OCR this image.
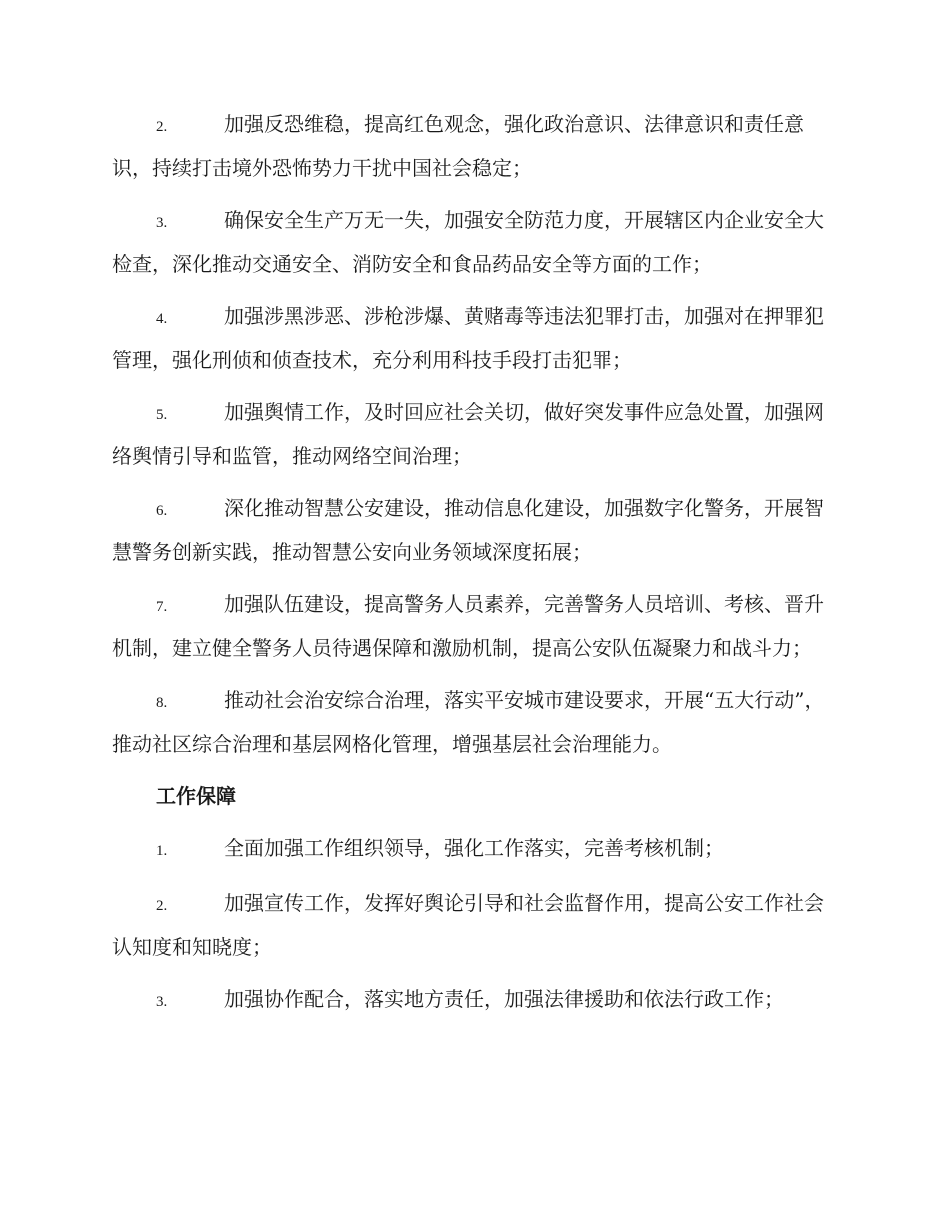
2.	加强反恐维稳，提高红色观念，强化政治意识、法律意识和责任意识，持续打击境外恐怖势力干扰中国社会稳定；

3.	确保安全生产万无一失，加强安全防范力度，开展辖区内企业安全大检查，深化推动交通安全、消防安全和食品药品安全等方面的工作；

4.	加强涉黑涉恶、涉枪涉爆、黄赌毒等违法犯罪打击，加强对在押罪犯管理，强化刑侦和侦查技术，充分利用科技手段打击犯罪；

5.	加强舆情工作，及时回应社会关切，做好突发事件应急处置，加强网络舆情引导和监管，推动网络空间治理；

6.	深化推动智慧公安建设，推动信息化建设，加强数字化警务，开展智慧警务创新实践，推动智慧公安向业务领域深度拓展；

7.	加强队伍建设，提高警务人员素养，完善警务人员培训、考核、晋升机制，建立健全警务人员待遇保障和激励机制，提高公安队伍凝聚力和战斗力；

8.	推动社会治安综合治理，落实平安城市建设要求，开展“五大行动”，推动社区综合治理和基层网格化管理，增强基层社会治理能力。

工作保障

1.	全面加强工作组织领导，强化工作落实，完善考核机制；

2.	加强宣传工作，发挥好舆论引导和社会监督作用，提高公安工作社会认知度和知晓度；

3.	加强协作配合，落实地方责任，加强法律援助和依法行政工作；
